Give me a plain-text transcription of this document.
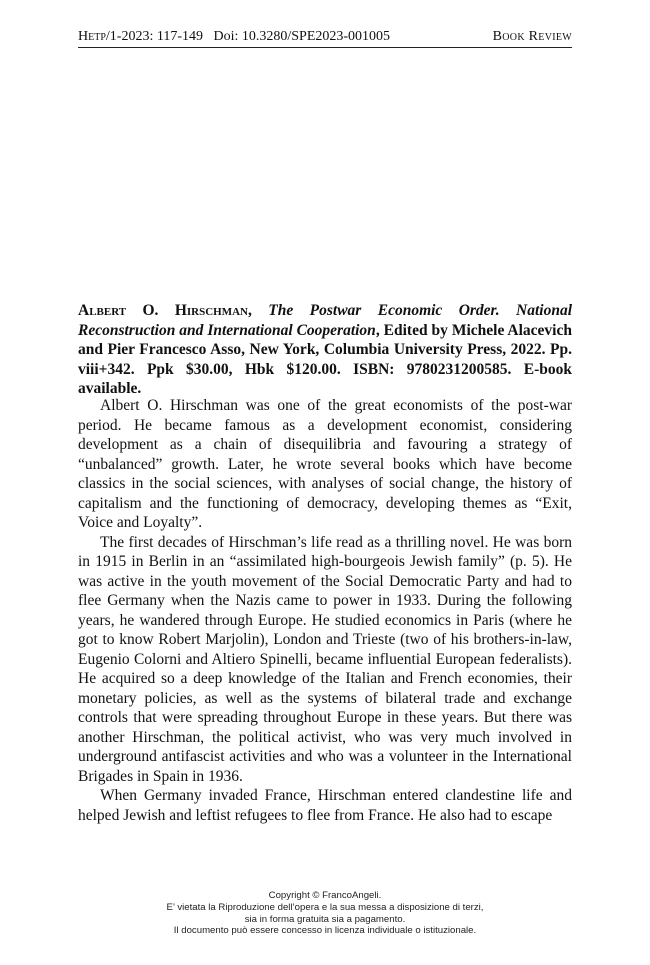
Hetp/1-2023: 117-149 Doi: 10.3280/SPE2023-001005	Book Review
Albert O. Hirschman, The Postwar Economic Order. National Reconstruction and International Cooperation, Edited by Michele Alacevich and Pier Francesco Asso, New York, Columbia University Press, 2022. Pp. viii+342. Ppk $30.00, Hbk $120.00. ISBN: 9780231200585. E-book available.

Albert O. Hirschman was one of the great economists of the post-war period. He became famous as a development economist, considering development as a chain of disequilibria and favouring a strategy of “unbalanced” growth. Later, he wrote several books which have become classics in the social sciences, with analyses of social change, the history of capitalism and the functioning of democracy, developing themes as “Exit, Voice and Loyalty”.

The first decades of Hirschman’s life read as a thrilling novel. He was born in 1915 in Berlin in an “assimilated high-bourgeois Jewish family” (p. 5). He was active in the youth movement of the Social Democratic Party and had to flee Germany when the Nazis came to power in 1933. During the following years, he wandered through Europe. He studied economics in Paris (where he got to know Robert Marjolin), London and Trieste (two of his brothers-in-law, Eugenio Colorni and Altiero Spinelli, became influential European federalists). He acquired so a deep knowledge of the Italian and French economies, their monetary policies, as well as the systems of bilateral trade and exchange controls that were spreading throughout Europe in these years. But there was another Hirschman, the political activist, who was very much involved in underground antifascist activities and who was a volunteer in the International Brigades in Spain in 1936.

When Germany invaded France, Hirschman entered clandestine life and helped Jewish and leftist refugees to flee from France. He also had to escape

Copyright © FrancoAngeli.
E’ vietata la Riproduzione dell’opera e la sua messa a disposizione di terzi,
sia in forma gratuita sia a pagamento.
Il documento può essere concesso in licenza individuale o istituzionale.
